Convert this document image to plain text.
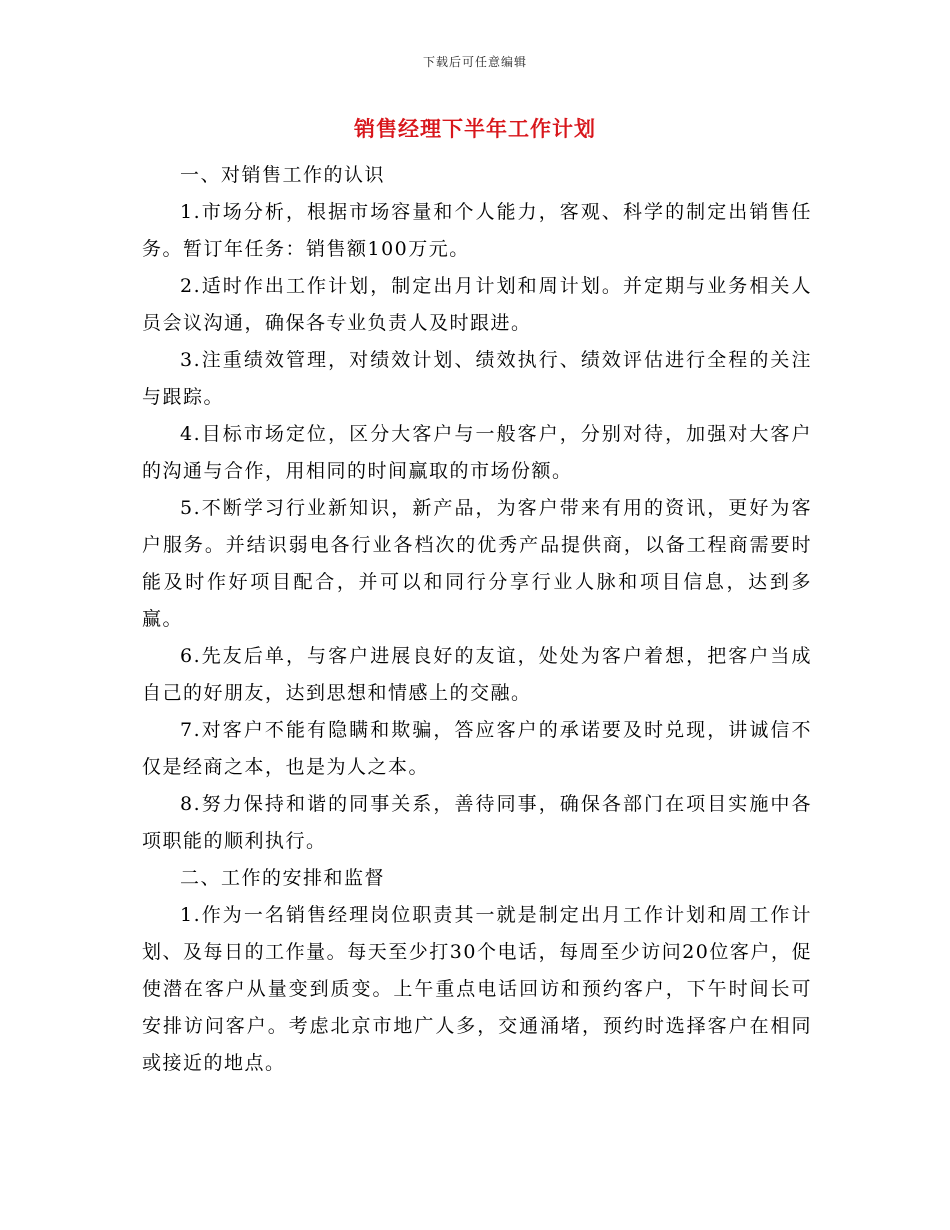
下载后可任意编辑
销售经理下半年工作计划

一、对销售工作的认识

1.市场分析，根据市场容量和个人能力，客观、科学的制定出销售任务。暂订年任务：销售额100万元。

2.适时作出工作计划，制定出月计划和周计划。并定期与业务相关人员会议沟通，确保各专业负责人及时跟进。

3.注重绩效管理，对绩效计划、绩效执行、绩效评估进行全程的关注与跟踪。

4.目标市场定位，区分大客户与一般客户，分别对待，加强对大客户的沟通与合作，用相同的时间赢取的市场份额。

5.不断学习行业新知识，新产品，为客户带来有用的资讯，更好为客户服务。并结识弱电各行业各档次的优秀产品提供商，以备工程商需要时能及时作好项目配合，并可以和同行分享行业人脉和项目信息，达到多赢。

6.先友后单，与客户进展良好的友谊，处处为客户着想，把客户当成自己的好朋友，达到思想和情感上的交融。

7.对客户不能有隐瞒和欺骗，答应客户的承诺要及时兑现，讲诚信不仅是经商之本，也是为人之本。

8.努力保持和谐的同事关系，善待同事，确保各部门在项目实施中各项职能的顺利执行。

二、工作的安排和监督

1.作为一名销售经理岗位职责其一就是制定出月工作计划和周工作计划、及每日的工作量。每天至少打30个电话，每周至少访问20位客户，促使潜在客户从量变到质变。上午重点电话回访和预约客户，下午时间长可安排访问客户。考虑北京市地广人多，交通涌堵，预约时选择客户在相同或接近的地点。
